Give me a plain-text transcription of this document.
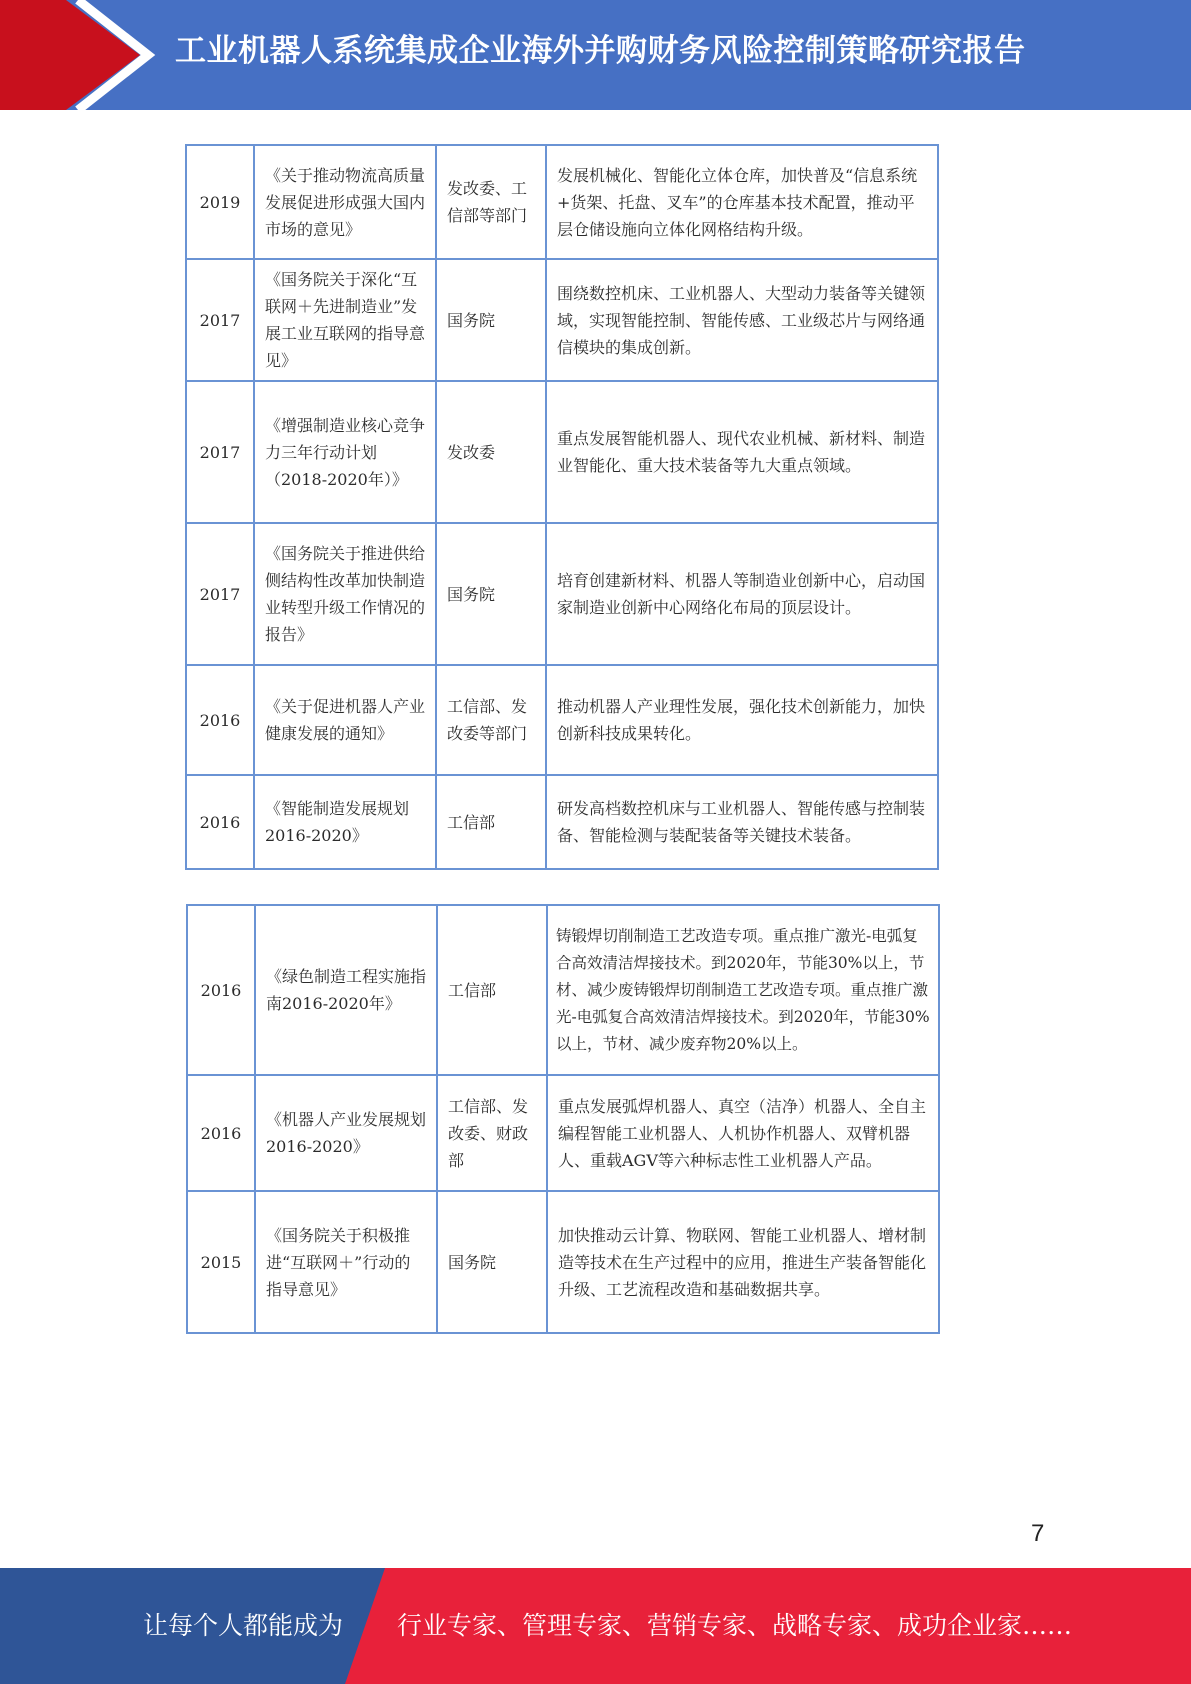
工业机器人系统集成企业海外并购财务风险控制策略研究报告
2019	《关于推动物流高质量发展促进形成强大国内市场的意见》	发改委、工信部等部门	发展机械化、智能化立体仓库，加快普及“信息系统+货架、托盘、叉车”的仓库基本技术配置，推动平层仓储设施向立体化网格结构升级。
2017	《国务院关于深化“互联网＋先进制造业”发展工业互联网的指导意见》	国务院	围绕数控机床、工业机器人、大型动力装备等关键领域，实现智能控制、智能传感、工业级芯片与网络通信模块的集成创新。
2017	《增强制造业核心竞争力三年行动计划（2018-2020年）》	发改委	重点发展智能机器人、现代农业机械、新材料、制造业智能化、重大技术装备等九大重点领域。
2017	《国务院关于推进供给侧结构性改革加快制造业转型升级工作情况的报告》	国务院	培育创建新材料、机器人等制造业创新中心，启动国家制造业创新中心网络化布局的顶层设计。
2016	《关于促进机器人产业健康发展的通知》	工信部、发改委等部门	推动机器人产业理性发展，强化技术创新能力，加快创新科技成果转化。
2016	《智能制造发展规划2016-2020》	工信部	研发高档数控机床与工业机器人、智能传感与控制装备、智能检测与装配装备等关键技术装备。
2016	《绿色制造工程实施指南2016-2020年》	工信部	铸锻焊切削制造工艺改造专项。重点推广激光-电弧复合高效清洁焊接技术。到2020年，节能30%以上，节材、减少废铸锻焊切削制造工艺改造专项。重点推广激光-电弧复合高效清洁焊接技术。到2020年，节能30%以上，节材、减少废弃物20%以上。
2016	《机器人产业发展规划2016-2020》	工信部、发改委、财政部	重点发展弧焊机器人、真空（洁净）机器人、全自主编程智能工业机器人、人机协作机器人、双臂机器人、重载AGV等六种标志性工业机器人产品。
2015	《国务院关于积极推进“互联网＋”行动的指导意见》	国务院	加快推动云计算、物联网、智能工业机器人、增材制造等技术在生产过程中的应用，推进生产装备智能化升级、工艺流程改造和基础数据共享。
7
让每个人都能成为 行业专家、管理专家、营销专家、战略专家、成功企业家……
